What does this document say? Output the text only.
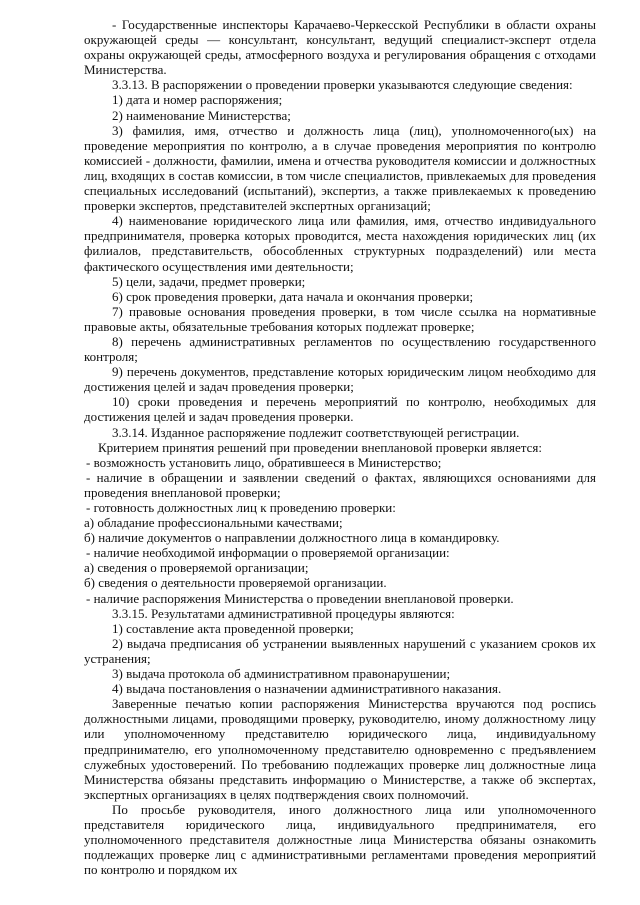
- Государственные инспекторы Карачаево-Черкесской Республики в области охраны окружающей среды — консультант, консультант, ведущий специалист-эксперт отдела охраны окружающей среды, атмосферного воздуха и регулирования обращения с отходами Министерства.

3.3.13. В распоряжении о проведении проверки указываются следующие сведения:

1) дата и номер распоряжения;

2) наименование Министерства;

3) фамилия, имя, отчество и должность лица (лиц), уполномоченного(ых) на проведение мероприятия по контролю, а в случае проведения мероприятия по контролю комиссией - должности, фамилии, имена и отчества руководителя комиссии и должностных лиц, входящих в состав комиссии, в том числе специалистов, привлекаемых для проведения специальных исследований (испытаний), экспертиз, а также привлекаемых к проведению проверки экспертов, представителей экспертных организаций;

4) наименование юридического лица или фамилия, имя, отчество индивидуального предпринимателя, проверка которых проводится, места нахождения юридических лиц (их филиалов, представительств, обособленных структурных подразделений) или места фактического осуществления ими деятельности;

5) цели, задачи, предмет проверки;

6) срок проведения проверки, дата начала и окончания проверки;

7) правовые основания проведения проверки, в том числе ссылка на нормативные правовые акты, обязательные требования которых подлежат проверке;

8) перечень административных регламентов по осуществлению государственного контроля;

9) перечень документов, представление которых юридическим лицом необходимо для достижения целей и задач проведения проверки;

10) сроки проведения и перечень мероприятий по контролю, необходимых для достижения целей и задач проведения проверки.

3.3.14. Изданное распоряжение подлежит соответствующей регистрации.

Критерием принятия решений при проведении внеплановой проверки является:

- возможность установить лицо, обратившееся в Министерство;

- наличие в обращении и заявлении сведений о фактах, являющихся основаниями для проведения внеплановой проверки;

- готовность должностных лиц к проведению проверки:

а) обладание профессиональными качествами;

б) наличие документов о направлении должностного лица в командировку.

- наличие необходимой информации о проверяемой организации:

а) сведения о проверяемой организации;

б) сведения о деятельности проверяемой организации.

- наличие распоряжения Министерства о проведении внеплановой проверки.

3.3.15. Результатами административной процедуры являются:

1) составление акта проведенной проверки;

2) выдача предписания об устранении выявленных нарушений с указанием сроков их устранения;

3) выдача протокола об административном правонарушении;

4) выдача постановления о назначении административного наказания.

Заверенные печатью копии распоряжения Министерства вручаются под роспись должностными лицами, проводящими проверку, руководителю, иному должностному лицу или уполномоченному представителю юридического лица, индивидуальному предпринимателю, его уполномоченному представителю одновременно с предъявлением служебных удостоверений. По требованию подлежащих проверке лиц должностные лица Министерства обязаны представить информацию о Министерстве, а также об экспертах, экспертных организациях в целях подтверждения своих полномочий.

По просьбе руководителя, иного должностного лица или уполномоченного представителя юридического лица, индивидуального предпринимателя, его уполномоченного представителя должностные лица Министерства обязаны ознакомить подлежащих проверке лиц с административными регламентами проведения мероприятий по контролю и порядком их
